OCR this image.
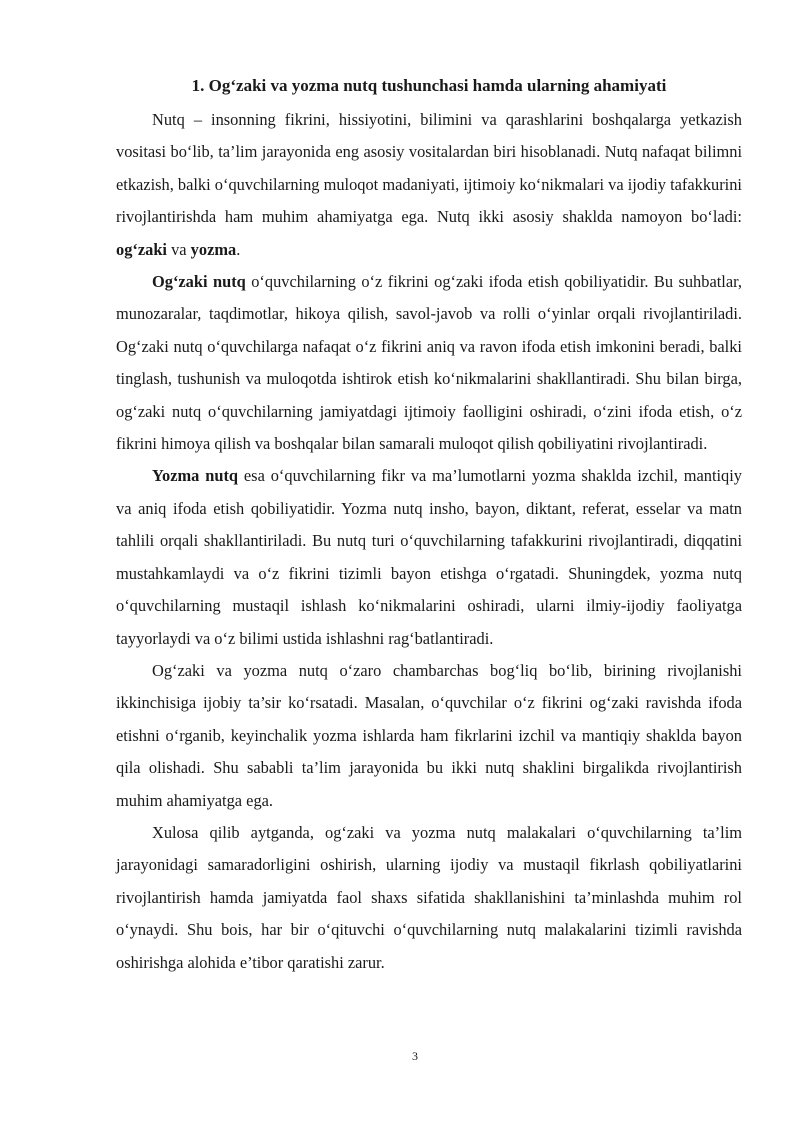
1. Og‘zaki va yozma nutq tushunchasi hamda ularning ahamiyati

Nutq – insonning fikrini, hissiyotini, bilimini va qarashlarini boshqalarga yetkazish vositasi bo‘lib, ta’lim jarayonida eng asosiy vositalardan biri hisoblanadi. Nutq nafaqat bilimni etkazish, balki o‘quvchilarning muloqot madaniyati, ijtimoiy ko‘nikmalari va ijodiy tafakkurini rivojlantirishda ham muhim ahamiyatga ega. Nutq ikki asosiy shaklda namoyon bo‘ladi: og‘zaki va yozma.

Og‘zaki nutq o‘quvchilarning o‘z fikrini og‘zaki ifoda etish qobiliyatidir. Bu suhbatlar, munozaralar, taqdimotlar, hikoya qilish, savol-javob va rolli o‘yinlar orqali rivojlantiriladi. Og‘zaki nutq o‘quvchilarga nafaqat o‘z fikrini aniq va ravon ifoda etish imkonini beradi, balki tinglash, tushunish va muloqotda ishtirok etish ko‘nikmalarini shakllantiradi. Shu bilan birga, og‘zaki nutq o‘quvchilarning jamiyatdagi ijtimoiy faolligini oshiradi, o‘zini ifoda etish, o‘z fikrini himoya qilish va boshqalar bilan samarali muloqot qilish qobiliyatini rivojlantiradi.

Yozma nutq esa o‘quvchilarning fikr va ma’lumotlarni yozma shaklda izchil, mantiqiy va aniq ifoda etish qobiliyatidir. Yozma nutq insho, bayon, diktant, referat, esselar va matn tahlili orqali shakllantiriladi. Bu nutq turi o‘quvchilarning tafakkurini rivojlantiradi, diqqatini mustahkamlaydi va o‘z fikrini tizimli bayon etishga o‘rgatadi. Shuningdek, yozma nutq o‘quvchilarning mustaqil ishlash ko‘nikmalarini oshiradi, ularni ilmiy-ijodiy faoliyatga tayyorlaydi va o‘z bilimi ustida ishlashni rag‘batlantiradi.

Og‘zaki va yozma nutq o‘zaro chambarchas bog‘liq bo‘lib, birining rivojlanishi ikkinchisiga ijobiy ta’sir ko‘rsatadi. Masalan, o‘quvchilar o‘z fikrini og‘zaki ravishda ifoda etishni o‘rganib, keyinchalik yozma ishlarda ham fikrlarini izchil va mantiqiy shaklda bayon qila olishadi. Shu sababli ta’lim jarayonida bu ikki nutq shaklini birgalikda rivojlantirish muhim ahamiyatga ega.

Xulosa qilib aytganda, og‘zaki va yozma nutq malakalari o‘quvchilarning ta’lim jarayonidagi samaradorligini oshirish, ularning ijodiy va mustaqil fikrlash qobiliyatlarini rivojlantirish hamda jamiyatda faol shaxs sifatida shakllanishini ta’minlashda muhim rol o‘ynaydi. Shu bois, har bir o‘qituvchi o‘quvchilarning nutq malakalarini tizimli ravishda oshirishga alohida e’tibor qaratishi zarur.

3
